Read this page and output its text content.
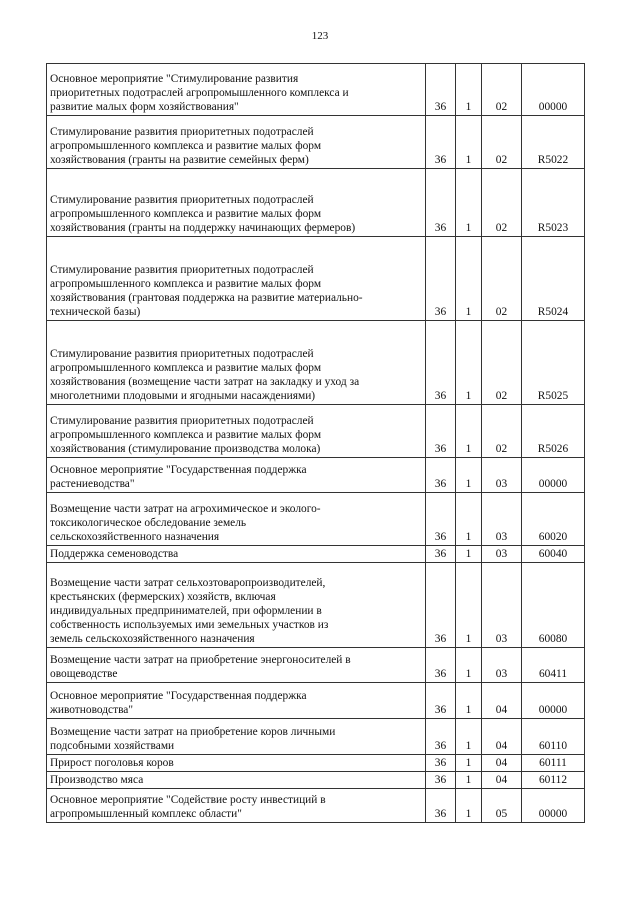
123
Основное мероприятие "Стимулирование развития
приоритетных подотраслей агропромышленного комплекса и
развитие малых форм хозяйствования"	36	1	02	00000

Стимулирование развития приоритетных подотраслей
агропромышленного комплекса и развитие малых форм
хозяйствования (гранты на развитие семейных ферм)	36	1	02	R5022

Стимулирование развития приоритетных подотраслей
агропромышленного комплекса и развитие малых форм
хозяйствования (гранты на поддержку начинающих фермеров)	36	1	02	R5023

Стимулирование развития приоритетных подотраслей
агропромышленного комплекса и развитие малых форм
хозяйствования (грантовая поддержка на развитие материально-
технической базы)	36	1	02	R5024

Стимулирование развития приоритетных подотраслей
агропромышленного комплекса и развитие малых форм
хозяйствования (возмещение части затрат на закладку и уход за
многолетними плодовыми и ягодными насаждениями)	36	1	02	R5025

Стимулирование развития приоритетных подотраслей
агропромышленного комплекса и развитие малых форм
хозяйствования (стимулирование производства молока)	36	1	02	R5026

Основное мероприятие "Государственная поддержка
растениеводства"	36	1	03	00000

Возмещение части затрат на агрохимическое и эколого-
токсикологическое обследование земель
сельскохозяйственного назначения	36	1	03	60020

Поддержка семеноводства	36	1	03	60040

Возмещение части затрат сельхозтоваропроизводителей,
крестьянских (фермерских) хозяйств, включая
индивидуальных предпринимателей, при оформлении в
собственность используемых ими земельных участков из
земель сельскохозяйственного назначения	36	1	03	60080

Возмещение части затрат на приобретение энергоносителей в
овощеводстве	36	1	03	60411

Основное мероприятие "Государственная поддержка
животноводства"	36	1	04	00000

Возмещение части затрат на приобретение коров личными
подсобными хозяйствами	36	1	04	60110

Прирост поголовья коров	36	1	04	60111

Производство мяса	36	1	04	60112

Основное мероприятие "Содействие росту инвестиций в
агропромышленный комплекс области"	36	1	05	00000
